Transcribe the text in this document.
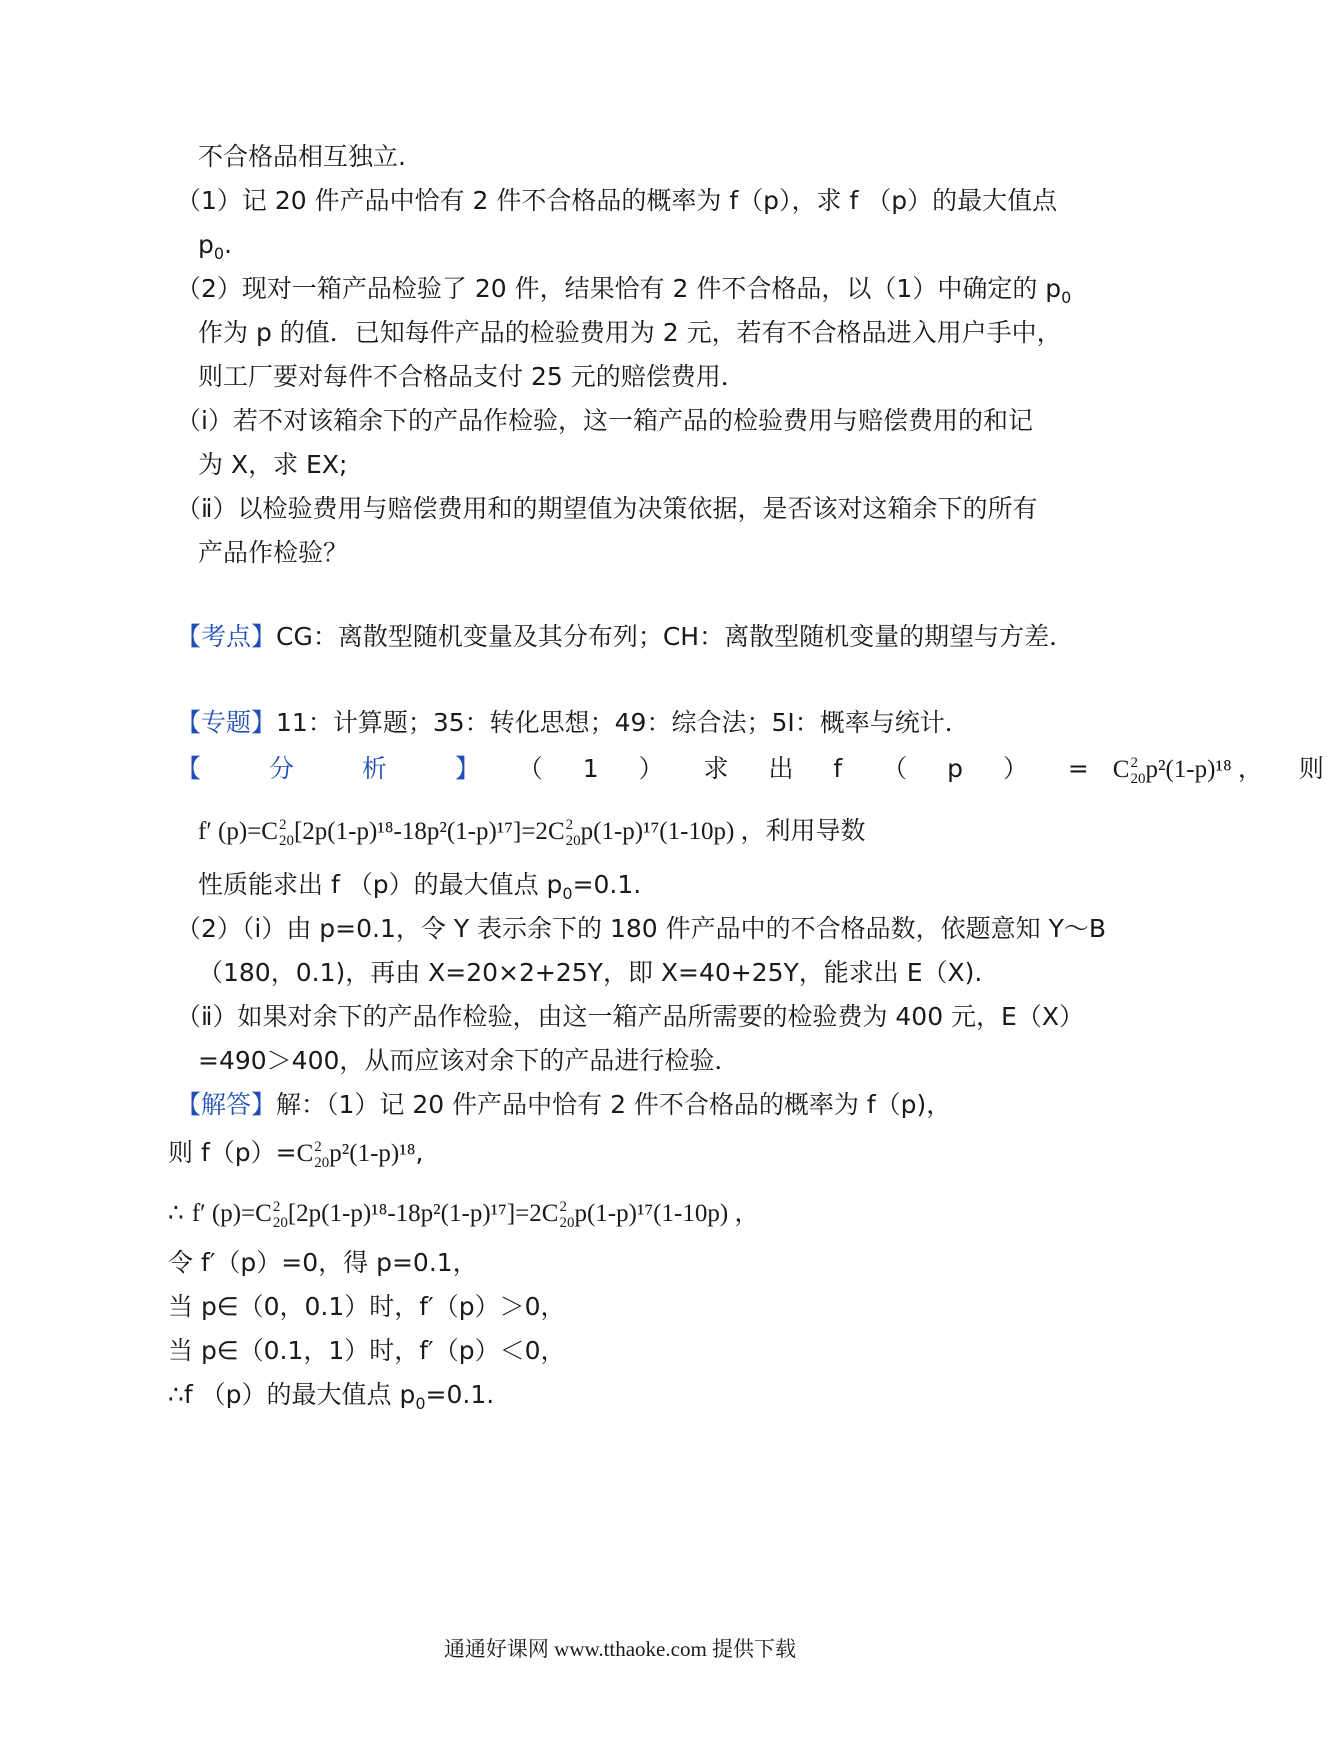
不合格品相互独立.
（1）记 20 件产品中恰有 2 件不合格品的概率为 f（p），求 f （p）的最大值点
$p_0$.
（2）现对一箱产品检验了 20 件，结果恰有 2 件不合格品，以（1）中确定的 $p_0$
作为 p 的值．已知每件产品的检验费用为 2 元，若有不合格品进入用户手中，
则工厂要对每件不合格品支付 25 元的赔偿费用．
（i）若不对该箱余下的产品作检验，这一箱产品的检验费用与赔偿费用的和记
为 X，求 EX;
（ⅱ）以检验费用与赔偿费用和的期望值为决策依据，是否该对这箱余下的所有
产品作检验？
【考点】CG：离散型随机变量及其分布列；CH：离散型随机变量的期望与方差．
【专题】11：计算题；35：转化思想；49：综合法；5I：概率与统计．
【 分 析 】 （ 1 ） 求 出 f （ p ） = C 2
20 p²(1-p)¹⁸ ， 则
f′ (p)=C 2
20 [2p(1-p)¹⁸-18p²(1-p)¹⁷]=2C 2
20 p(1-p)¹⁷(1-10p) ，利用导数
性质能求出 f （p）的最大值点 $p_0=0.1$.
（2）（i）由 p=0.1，令 Y 表示余下的 180 件产品中的不合格品数，依题意知 Y～B
（180，0.1)，再由 X=20×2+25Y，即 X=40+25Y，能求出 E（X).
（ⅱ）如果对余下的产品作检验，由这一箱产品所需要的检验费为 400 元，E（X）
=490＞400，从而应该对余下的产品进行检验．
【解答】解：（1）记 20 件产品中恰有 2 件不合格品的概率为 f（p)，
则 f（p）=C 2
20 p²(1-p)¹⁸,
∴ f′ (p)=C 2
20 [2p(1-p)¹⁸-18p²(1-p)¹⁷]=2C 2
20 p(1-p)¹⁷(1-10p) ，
令 f′（p）=0，得 p=0.1，
当 p∈（0，0.1）时，f′（p）＞0，
当 p∈（0.1，1）时，f′（p）＜0，
∴f （p）的最大值点 $p_0=0.1$.
通通好课网 www.tthaoke.com 提供下载
